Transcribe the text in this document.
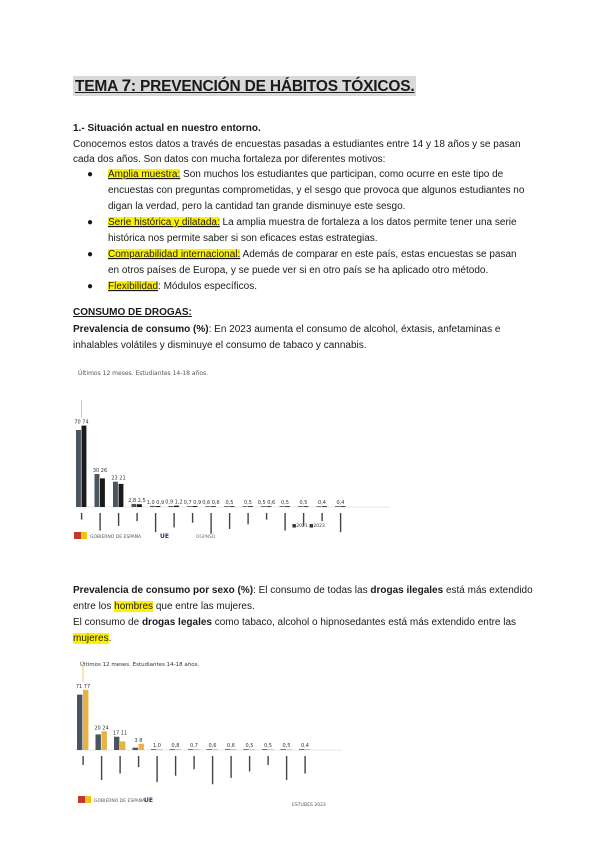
TEMA 7: PREVENCIÓN DE HÁBITOS TÓXICOS.

1.- Situación actual en nuestro entorno.

Conocemos estos datos a través de encuestas pasadas a estudiantes entre 14 y 18 años y se pasan

cada dos años. Son datos con mucha fortaleza por diferentes motivos:

● Amplia muestra: Son muchos los estudiantes que participan, como ocurre en este tipo de
encuestas con preguntas comprometidas, y el sesgo que provoca que algunos estudiantes no
digan la verdad, pero la cantidad tan grande disminuye este sesgo.
● Serie histórica y dilatada: La amplia muestra de fortaleza a los datos permite tener una serie
histórica nos permite saber si son eficaces estas estrategias.
● Comparabilidad internacional: Además de comparar en este país, estas encuestas se pasan
en otros países de Europa, y se puede ver si en otro país se ha aplicado otro método.
● Flexibilidad: Módulos específicos.

CONSUMO DE DROGAS:

Prevalencia de consumo (%): En 2023 aumenta el consumo de alcohol, éxtasis, anfetaminas e
inhalables volátiles y disminuye el consumo de tabaco y cannabis.

Últimos 12 meses. Estudiantes 14-18 años.
70 74
30 26
23 21
2,8 2,5 1,0 0,9 0,9 1,2 0,7 0,9 0,6 0,6 0,5 0,5 0,5 0,6 0,5 0,5 0,4 0,4
GOBIERNO DE ESPAÑA	UE
■2021 ■2023
DGPNSD

Prevalencia de consumo por sexo (%): El consumo de todas las drogas ilegales está más extendido
entre los hombres que entre las mujeres.
El consumo de drogas legales como tabaco, alcohol o hipnosedantes está más extendido entre las
mujeres.

Últimos 12 meses. Estudiantes 14-18 años.
71 77
20 24
17 11
3 8
1,0 0,8 0,7 0,6 0,6 0,5 0,5 0,5 0,4
GOBIERNO DE ESPAÑA
UE
ESTUDES 2023
